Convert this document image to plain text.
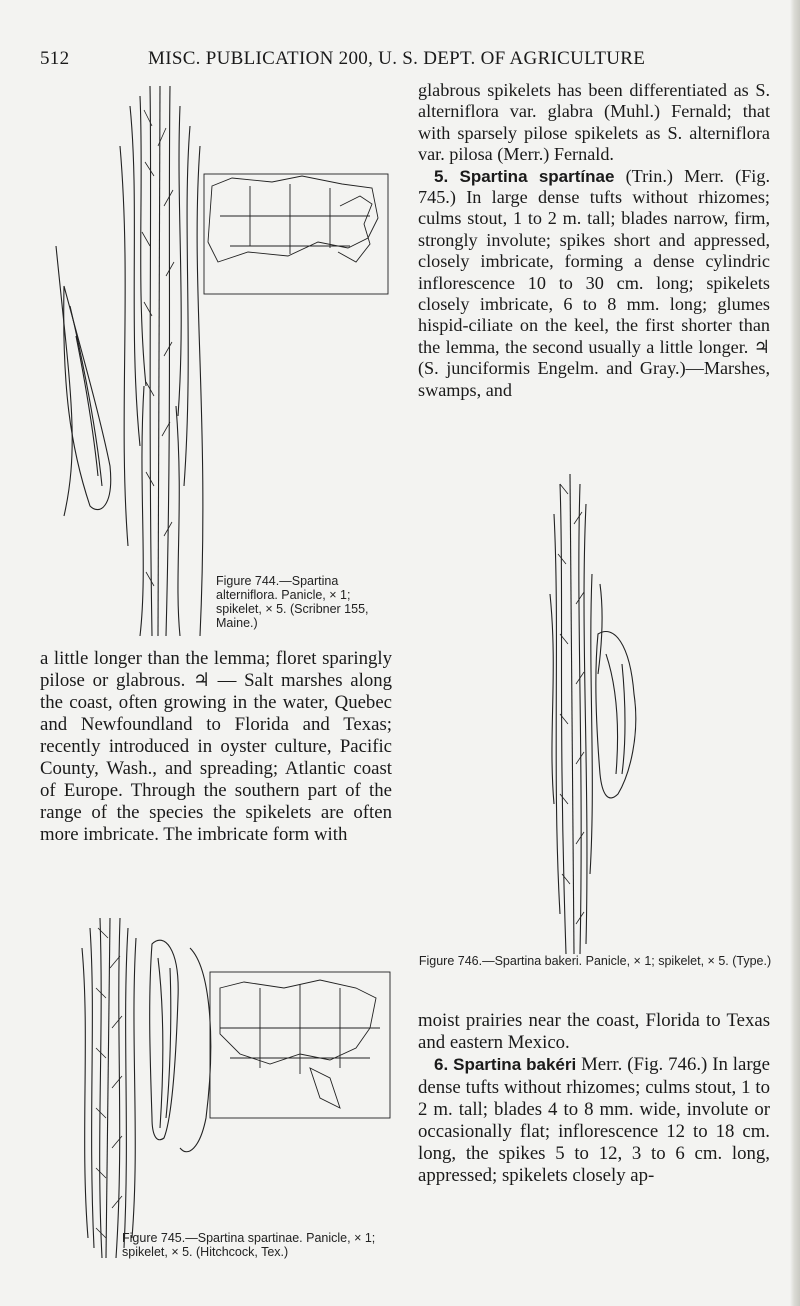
512	MISC. PUBLICATION 200, U. S. DEPT. OF AGRICULTURE
Figure 744.—Spartina alterniflora. Panicle, × 1; spikelet, × 5. (Scribner 155, Maine.)

glabrous spikelets has been differentiated as S. alterniflora var. glabra (Muhl.) Fernald; that with sparsely pilose spikelets as S. alterniflora var. pilosa (Merr.) Fernald.

5. Spartina spartínae (Trin.) Merr. (Fig. 745.) In large dense tufts without rhizomes; culms stout, 1 to 2 m. tall; blades narrow, firm, strongly involute; spikes short and appressed, closely imbricate, forming a dense cylindric inflorescence 10 to 30 cm. long; spikelets closely imbricate, 6 to 8 mm. long; glumes hispid-ciliate on the keel, the first shorter than the lemma, the second usually a little longer. ♃ (S. junciformis Engelm. and Gray.)—Marshes, swamps, and

Figure 746.—Spartina bakeri. Panicle, × 1; spikelet, × 5. (Type.)

a little longer than the lemma; floret sparingly pilose or glabrous. ♃ — Salt marshes along the coast, often growing in the water, Quebec and Newfoundland to Florida and Texas; recently introduced in oyster culture, Pacific County, Wash., and spreading; Atlantic coast of Europe. Through the southern part of the range of the species the spikelets are often more imbricate. The imbricate form with

Figure 745.—Spartina spartinae. Panicle, × 1; spikelet, × 5. (Hitchcock, Tex.)

moist prairies near the coast, Florida to Texas and eastern Mexico.

6. Spartina bakéri Merr. (Fig. 746.) In large dense tufts without rhizomes; culms stout, 1 to 2 m. tall; blades 4 to 8 mm. wide, involute or occasionally flat; inflorescence 12 to 18 cm. long, the spikes 5 to 12, 3 to 6 cm. long, appressed; spikelets closely ap-
